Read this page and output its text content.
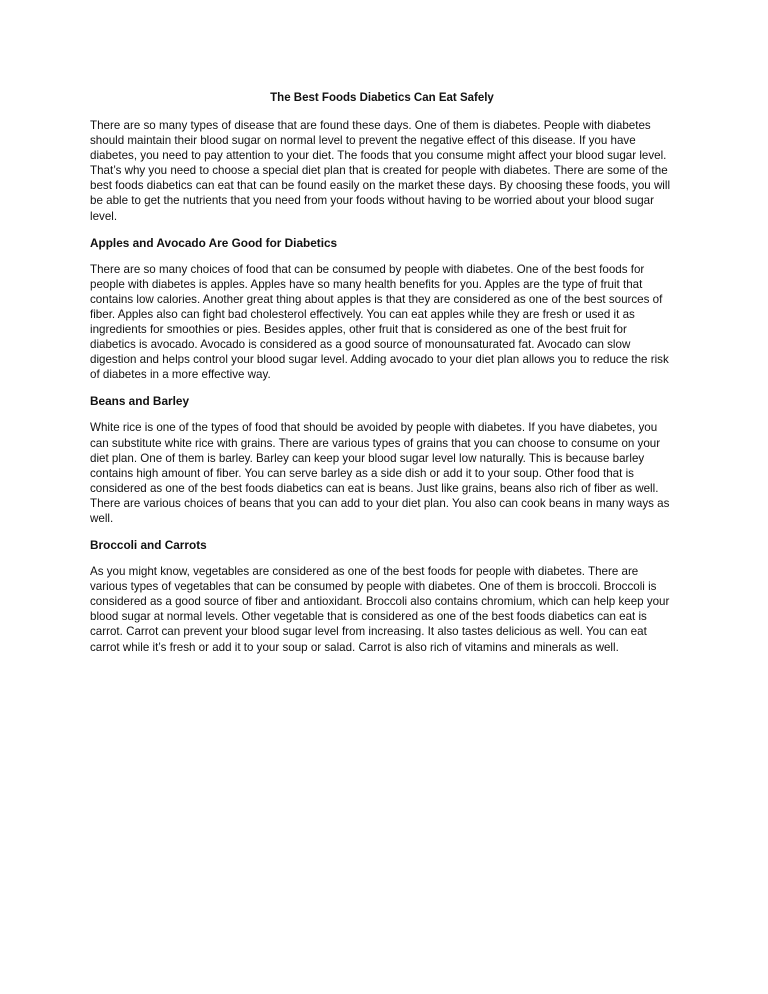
The Best Foods Diabetics Can Eat Safely

There are so many types of disease that are found these days. One of them is diabetes. People with diabetes should maintain their blood sugar on normal level to prevent the negative effect of this disease. If you have diabetes, you need to pay attention to your diet. The foods that you consume might affect your blood sugar level. That’s why you need to choose a special diet plan that is created for people with diabetes. There are some of the best foods diabetics can eat that can be found easily on the market these days. By choosing these foods, you will be able to get the nutrients that you need from your foods without having to be worried about your blood sugar level.

Apples and Avocado Are Good for Diabetics

There are so many choices of food that can be consumed by people with diabetes. One of the best foods for people with diabetes is apples. Apples have so many health benefits for you. Apples are the type of fruit that contains low calories. Another great thing about apples is that they are considered as one of the best sources of fiber. Apples also can fight bad cholesterol effectively. You can eat apples while they are fresh or used it as ingredients for smoothies or pies. Besides apples, other fruit that is considered as one of the best fruit for diabetics is avocado. Avocado is considered as a good source of monounsaturated fat. Avocado can slow digestion and helps control your blood sugar level. Adding avocado to your diet plan allows you to reduce the risk of diabetes in a more effective way.

Beans and Barley

White rice is one of the types of food that should be avoided by people with diabetes. If you have diabetes, you can substitute white rice with grains. There are various types of grains that you can choose to consume on your diet plan. One of them is barley. Barley can keep your blood sugar level low naturally. This is because barley contains high amount of fiber. You can serve barley as a side dish or add it to your soup. Other food that is considered as one of the best foods diabetics can eat is beans. Just like grains, beans also rich of fiber as well. There are various choices of beans that you can add to your diet plan. You also can cook beans in many ways as well.

Broccoli and Carrots

As you might know, vegetables are considered as one of the best foods for people with diabetes. There are various types of vegetables that can be consumed by people with diabetes. One of them is broccoli. Broccoli is considered as a good source of fiber and antioxidant. Broccoli also contains chromium, which can help keep your blood sugar at normal levels. Other vegetable that is considered as one of the best foods diabetics can eat is carrot. Carrot can prevent your blood sugar level from increasing. It also tastes delicious as well. You can eat carrot while it’s fresh or add it to your soup or salad. Carrot is also rich of vitamins and minerals as well.
